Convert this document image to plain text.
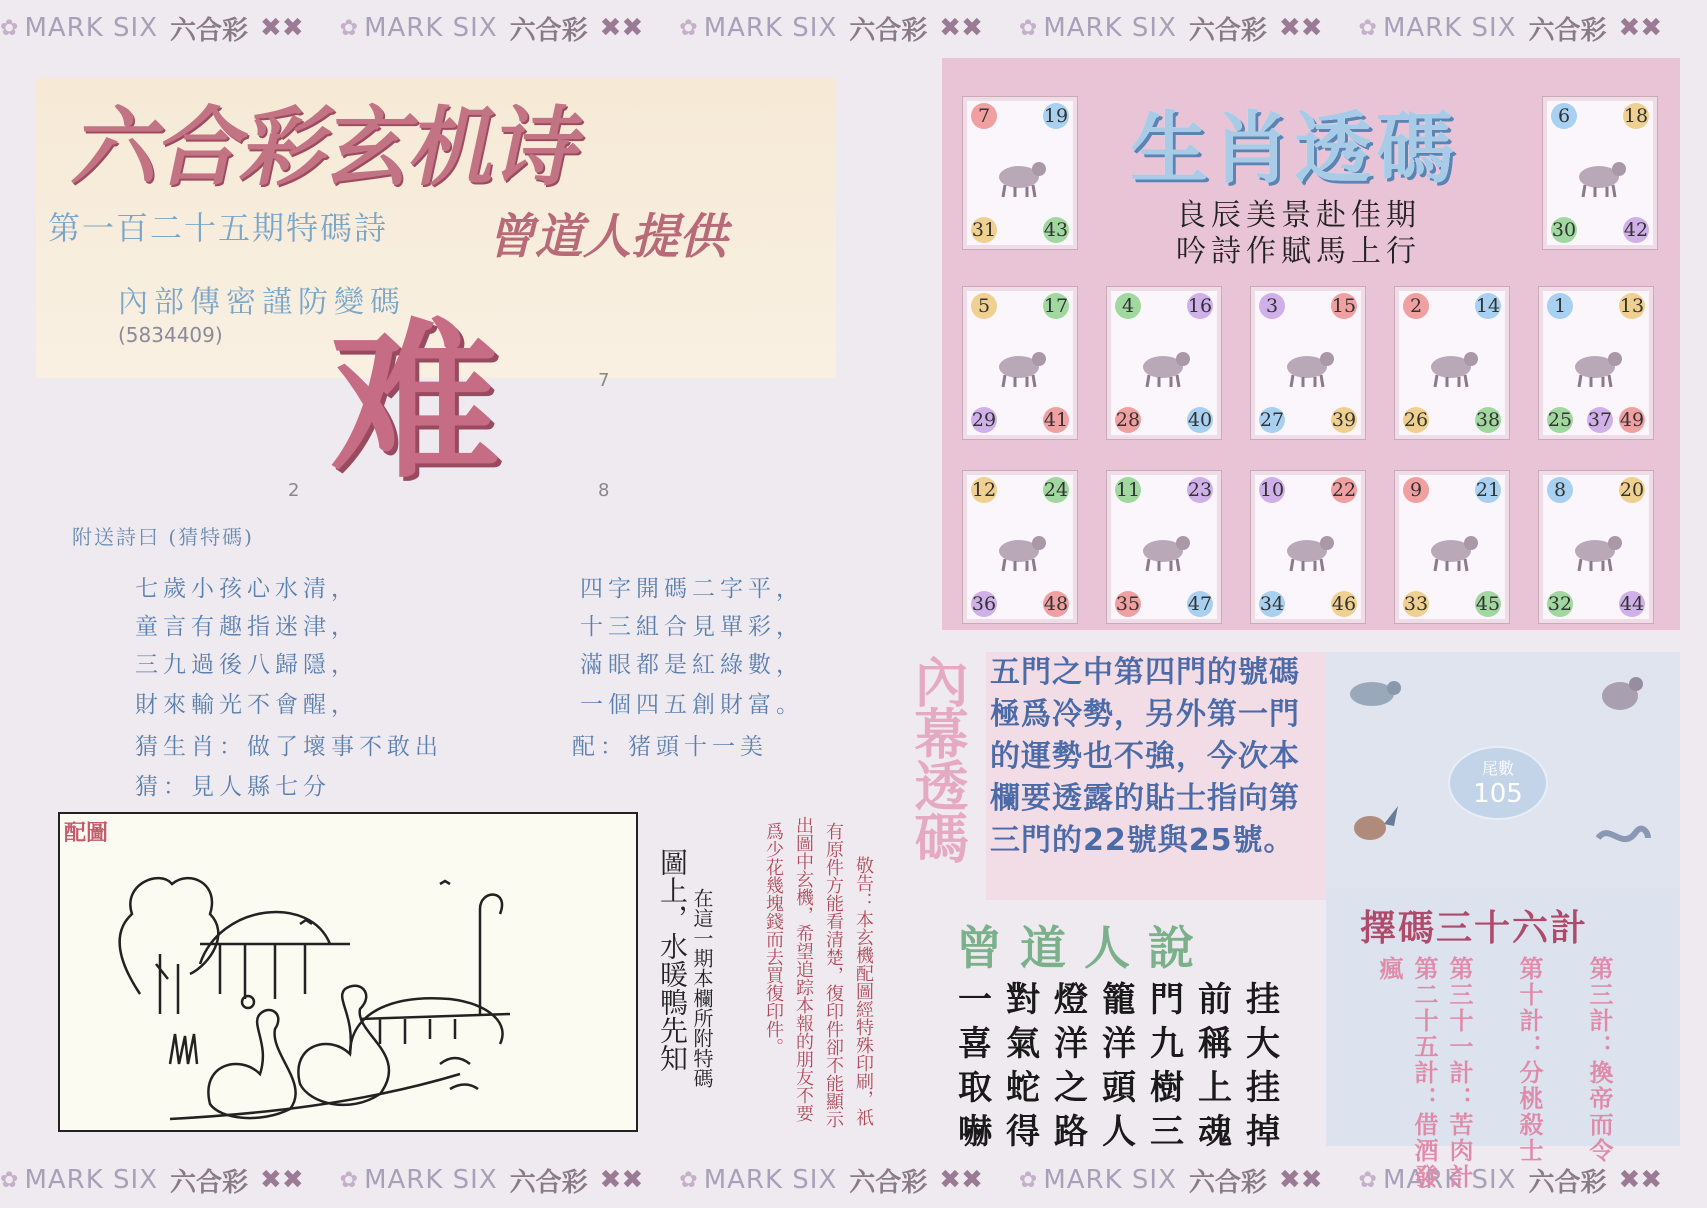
✿ MARK SIX 六合彩 ✖✖ ✿ MARK SIX 六合彩 ✖✖ ✿ MARK SIX 六合彩 ✖✖ ✿ MARK SIX 六合彩 ✖✖ ✿ MARK SIX 六合彩 ✖✖
✿ MARK SIX 六合彩 ✖✖ ✿ MARK SIX 六合彩 ✖✖ ✿ MARK SIX 六合彩 ✖✖ ✿ MARK SIX 六合彩 ✖✖ ✿ MARK SIX 六合彩 ✖✖
六合彩玄机诗
第一百二十五期特碼詩 曾道人提供
內部傳密謹防變碼
(5834409) 难	7
2	8
附送詩曰 (猜特碼)
七歲小孩心水清，
童言有趣指迷津，
三九過後八歸隱，
財來輸光不會醒，
猜生肖：做了壞事不敢出
猜：見人縣七分
四字開碼二字平，
十三組合見單彩，
滿眼都是紅綠數，
一個四五創財富。
配：猪頭十一美
配圖
圖上，水暖鴨先知 在這一期本欄所附特碼	敬告：本玄機配圖經特殊印刷，祇
有原件方能看清楚，復印件卻不能顯示
出圖中玄機，希望追踪本報的朋友不要
爲少花幾塊錢而去買復印件。
生肖透碼
良辰美景赴佳期
吟詩作賦馬上行
7	19
31	43
6	18
30	42
5	17
29	41
4	16
28	40
3	15
27	39
2	14
26	38
1	13
25 37 49
12	24
36	48
11	23
35	47
10	22
34	46
9	21
33	45
8	20
32	44
內幕透碼 五門之中第四門的號碼極爲冷勢，另外第一門的運勢也不強，今次本欄要透露的貼士指向第三門的22號與25號。
曾道人說
一對燈籠門前挂
喜氣洋洋九稱大
取蛇之頭樹上挂
嚇得路人三魂掉
尾數
105
擇碼三十六計
第三計：換帝而令
第十計：分桃殺士
第三十一計：苦肉計
第二十五計：借酒發瘋
